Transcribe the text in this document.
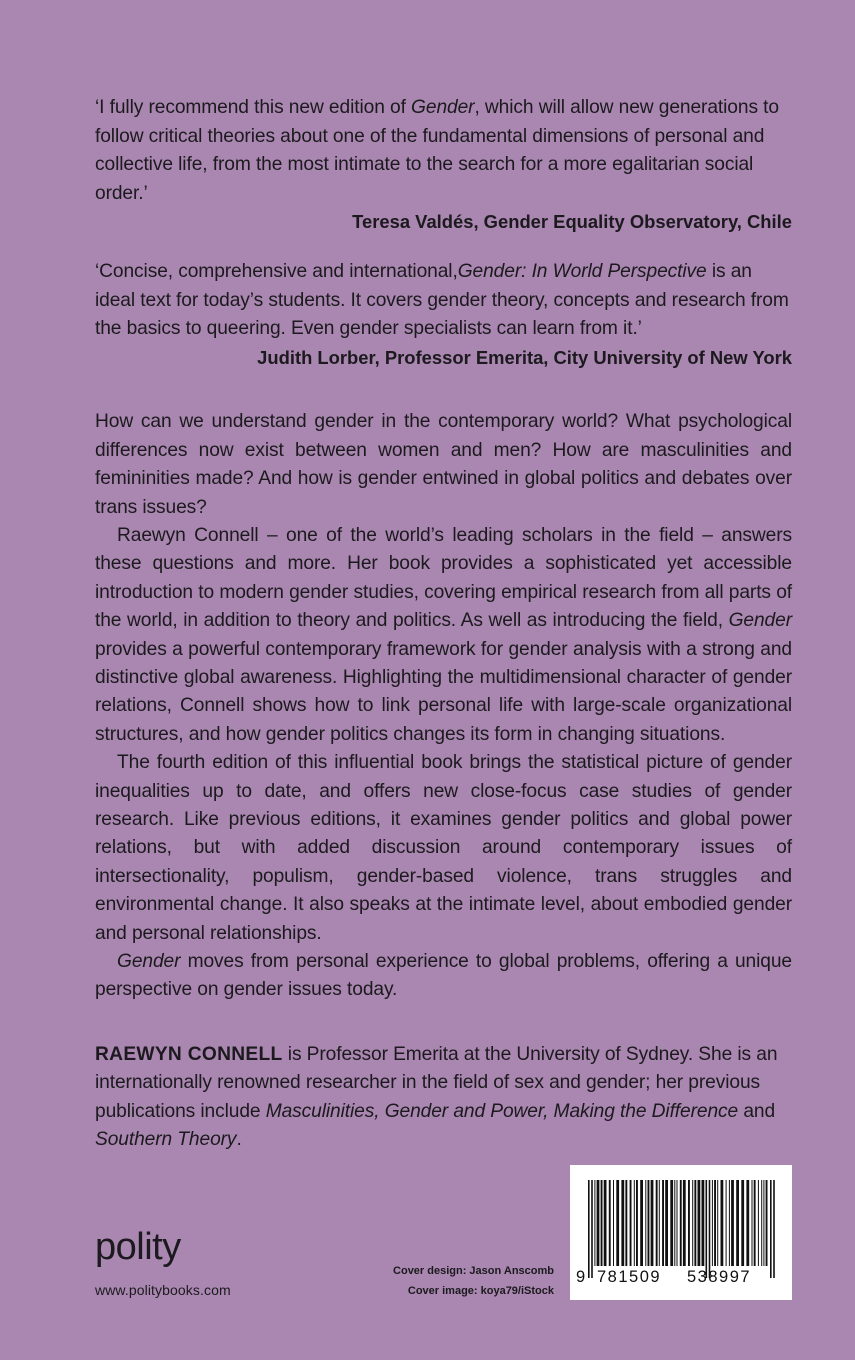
‘I fully recommend this new edition of Gender, which will allow new generations to follow critical theories about one of the fundamental dimensions of personal and collective life, from the most intimate to the search for a more egalitarian social order.’

Teresa Valdés, Gender Equality Observatory, Chile

‘Concise, comprehensive and international,Gender: In World Perspective is an ideal text for today’s students. It covers gender theory, concepts and research from the basics to queering. Even gender specialists can learn from it.’

Judith Lorber, Professor Emerita, City University of New York

How can we understand gender in the contemporary world? What psychological differences now exist between women and men? How are masculinities and femininities made? And how is gender entwined in global politics and debates over trans issues?

Raewyn Connell – one of the world’s leading scholars in the field – answers these questions and more. Her book provides a sophisticated yet accessible introduction to modern gender studies, covering empirical research from all parts of the world, in addition to theory and politics. As well as introducing the field, Gender provides a powerful contemporary framework for gender analysis with a strong and distinctive global awareness. Highlighting the multidimensional character of gender relations, Connell shows how to link personal life with large-scale organizational structures, and how gender politics changes its form in changing situations.

The fourth edition of this influential book brings the statistical picture of gender inequalities up to date, and offers new close-focus case studies of gender research. Like previous editions, it examines gender politics and global power relations, but with added discussion around contemporary issues of intersectionality, populism, gender-based violence, trans struggles and environmental change. It also speaks at the intimate level, about embodied gender and personal relationships.

Gender moves from personal experience to global problems, offering a unique perspective on gender issues today.

RAEWYN CONNELL is Professor Emerita at the University of Sydney. She is an internationally renowned researcher in the field of sex and gender; her previous publications include Masculinities, Gender and Power, Making the Difference and Southern Theory.

polity
www.politybooks.com
Cover design: Jason Anscomb
Cover image: koya79/iStock
9 781509 538997
